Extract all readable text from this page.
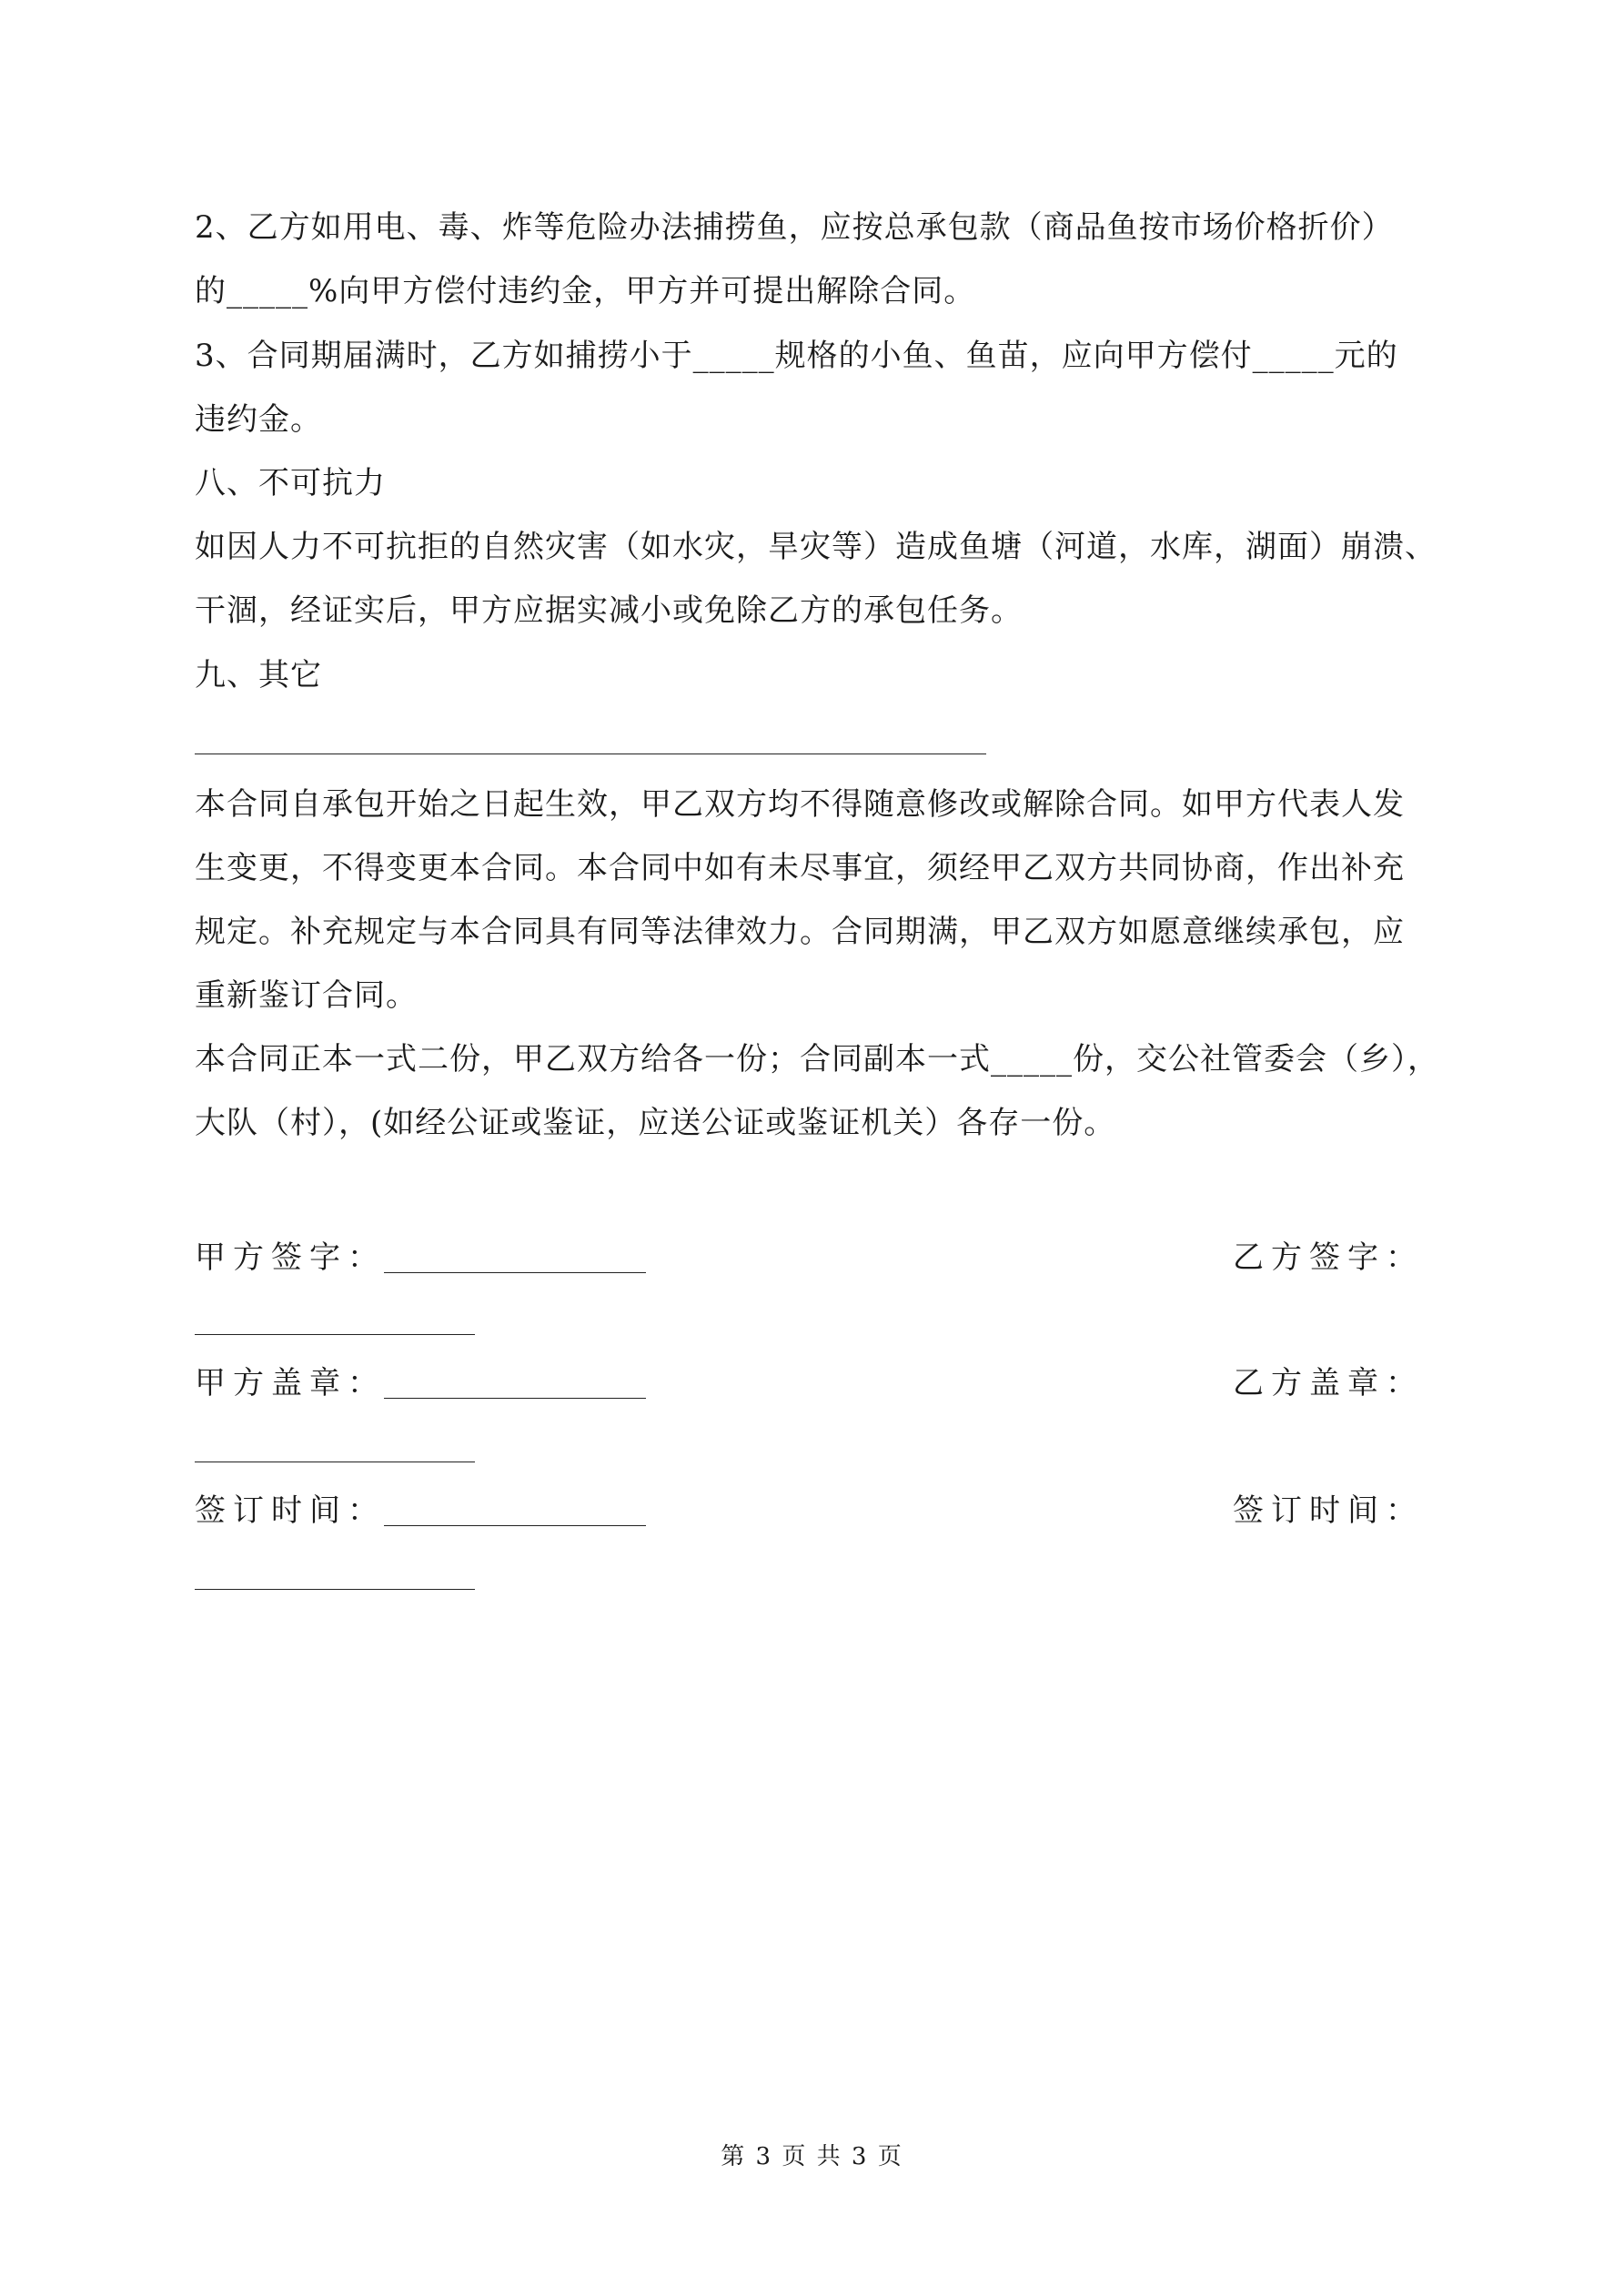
2、乙方如用电、毒、炸等危险办法捕捞鱼，应按总承包款（商品鱼按市场价格折价）
的_____%向甲方偿付违约金，甲方并可提出解除合同。
3、合同期届满时，乙方如捕捞小于_____规格的小鱼、鱼苗，应向甲方偿付_____元的
违约金。
八、不可抗力
如因人力不可抗拒的自然灾害（如水灾，旱灾等）造成鱼塘（河道，水库，湖面）崩溃、
干涸，经证实后，甲方应据实减小或免除乙方的承包任务。
九、其它
本合同自承包开始之日起生效，甲乙双方均不得随意修改或解除合同。如甲方代表人发
生变更，不得变更本合同。本合同中如有未尽事宜，须经甲乙双方共同协商，作出补充
规定。补充规定与本合同具有同等法律效力。合同期满，甲乙双方如愿意继续承包，应
重新鉴订合同。
本合同正本一式二份，甲乙双方给各一份；合同副本一式_____份，交公社管委会（乡），
大队（村），(如经公证或鉴证，应送公证或鉴证机关）各存一份。
甲方签字：	乙方签字：
甲方盖章：	乙方盖章：
签订时间：	签订时间：
第 3 页 共 3 页
